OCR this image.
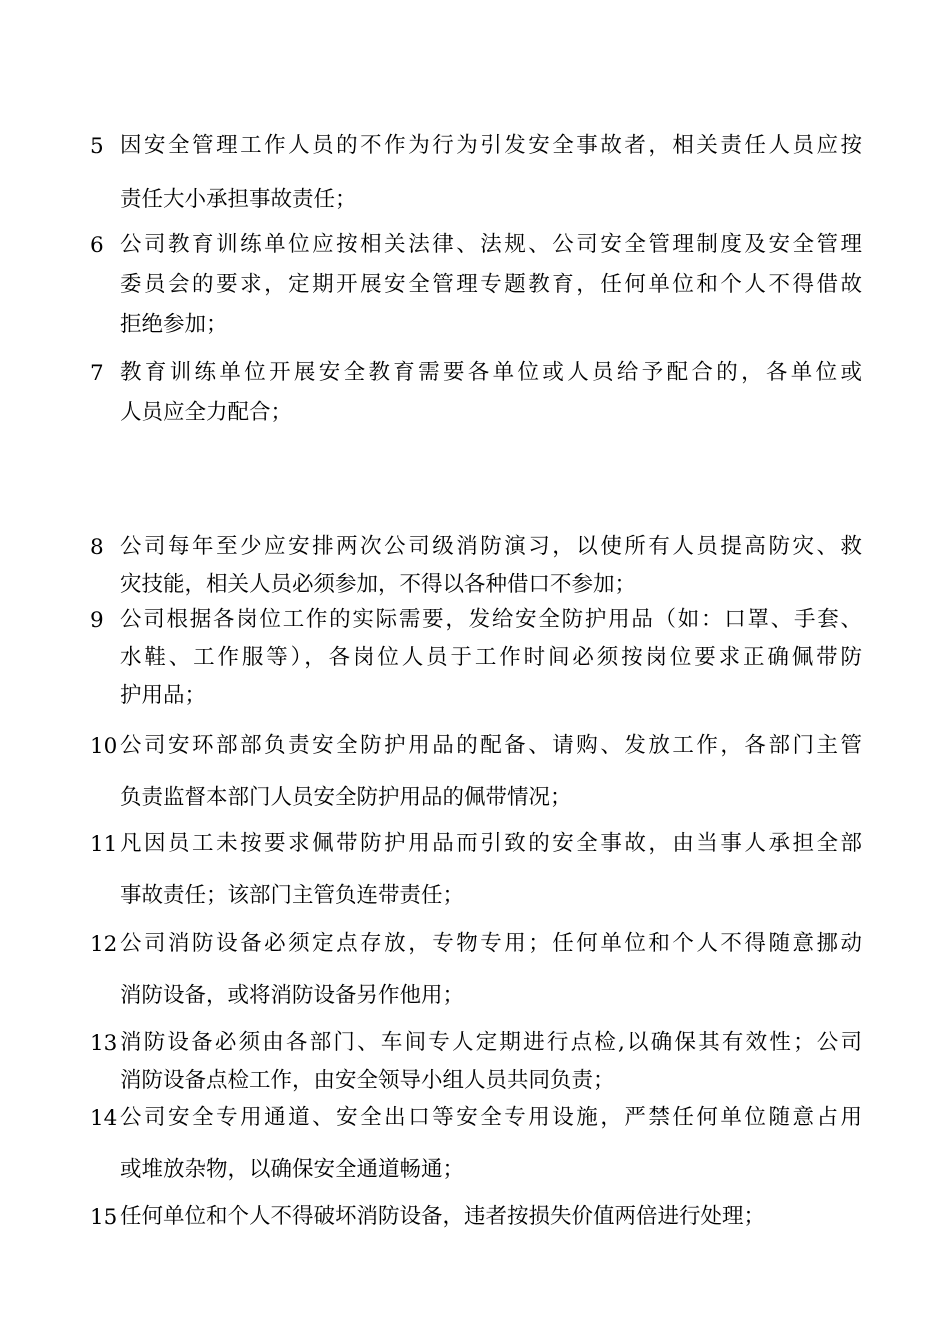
5 因安全管理工作人员的不作为行为引发安全事故者，相关责任人员应按
责任大小承担事故责任；
6 公司教育训练单位应按相关法律、法规、公司安全管理制度及安全管理
委员会的要求，定期开展安全管理专题教育，任何单位和个人不得借故
拒绝参加；
7 教育训练单位开展安全教育需要各单位或人员给予配合的，各单位或
人员应全力配合；
8 公司每年至少应安排两次公司级消防演习，以使所有人员提高防灾、救
灾技能，相关人员必须参加，不得以各种借口不参加；
9 公司根据各岗位工作的实际需要，发给安全防护用品（如：口罩、手套、
水鞋、工作服等），各岗位人员于工作时间必须按岗位要求正确佩带防
护用品；
10 公司安环部部负责安全防护用品的配备、请购、发放工作，各部门主管
负责监督本部门人员安全防护用品的佩带情况；
11 凡因员工未按要求佩带防护用品而引致的安全事故，由当事人承担全部
事故责任；该部门主管负连带责任；
12 公司消防设备必须定点存放，专物专用；任何单位和个人不得随意挪动
消防设备，或将消防设备另作他用；
13 消防设备必须由各部门、车间专人定期进行点检,以确保其有效性；公司
消防设备点检工作，由安全领导小组人员共同负责；
14 公司安全专用通道、安全出口等安全专用设施，严禁任何单位随意占用
或堆放杂物，以确保安全通道畅通；
15 任何单位和个人不得破坏消防设备，违者按损失价值两倍进行处理；
